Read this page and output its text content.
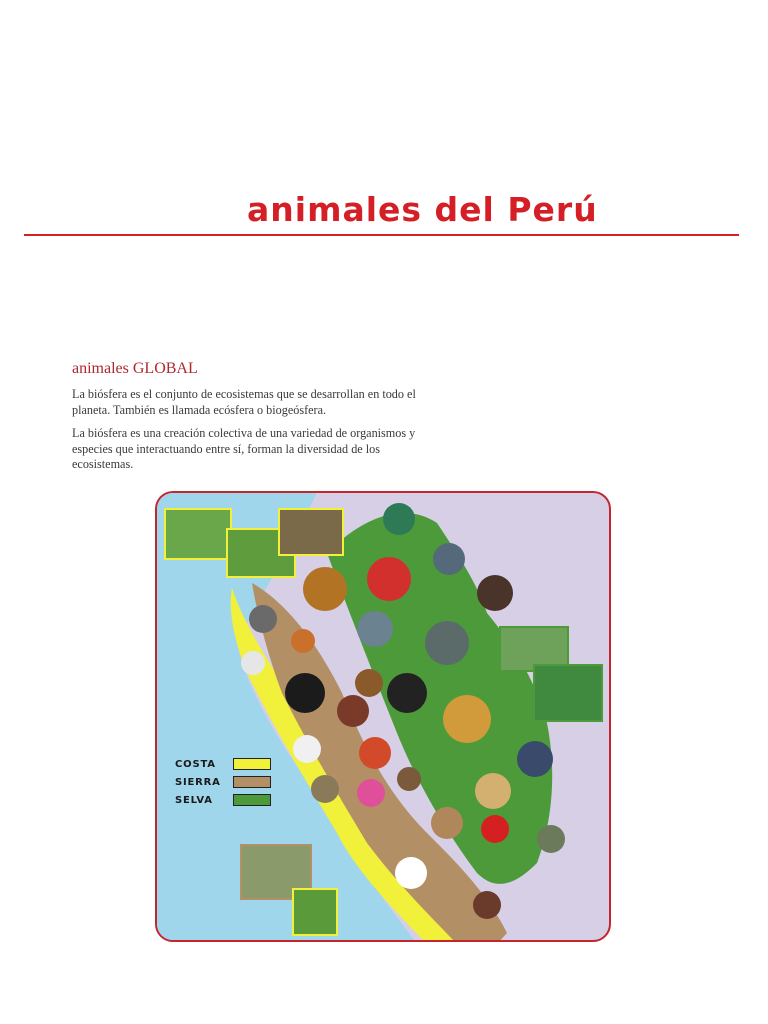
animales del Perú
animales GLOBAL

La biósfera es el conjunto de ecosistemas que se desarrollan en todo el planeta. También es llamada ecósfera o biogeósfera.

La biósfera es una creación colectiva de una variedad de organismos y especies que interactuando entre sí, forman la diversidad de los ecosistemas.

COSTA
SIERRA
SELVA
